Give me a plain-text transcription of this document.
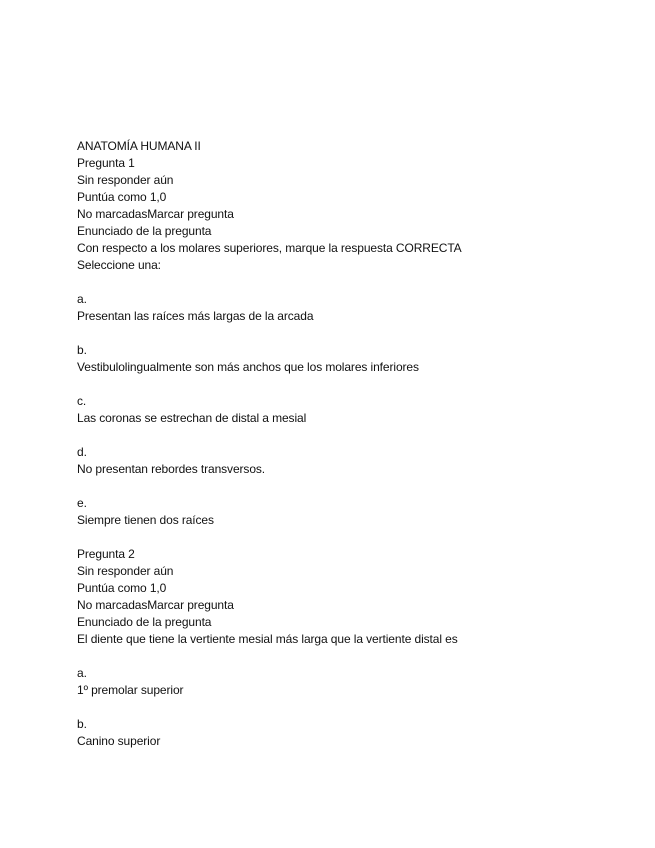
ANATOMÍA HUMANA II
Pregunta 1
Sin responder aún
Puntúa como 1,0
No marcadasMarcar pregunta
Enunciado de la pregunta
Con respecto a los molares superiores, marque la respuesta CORRECTA
Seleccione una:
a.
Presentan las raíces más largas de la arcada
b.
Vestibulolingualmente son más anchos que los molares inferiores
c.
Las coronas se estrechan de distal a mesial
d.
No presentan rebordes transversos.
e.
Siempre tienen dos raíces
Pregunta 2
Sin responder aún
Puntúa como 1,0
No marcadasMarcar pregunta
Enunciado de la pregunta
El diente que tiene la vertiente mesial más larga que la vertiente distal es
a.
1º premolar superior
b.
Canino superior
